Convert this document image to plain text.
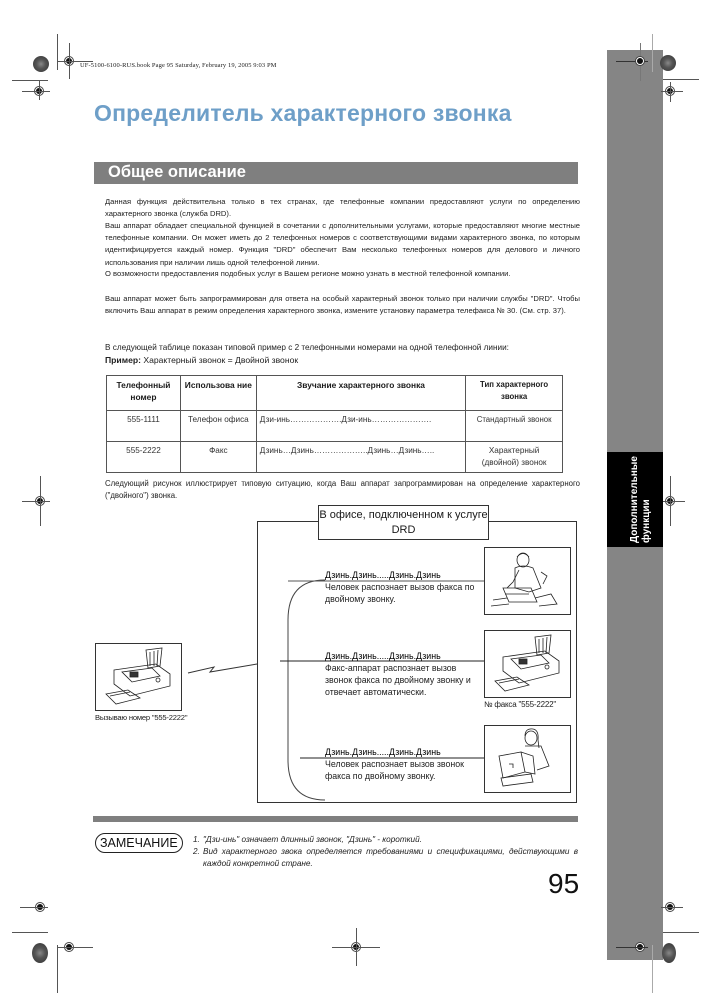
Дополнительные функции
UF-5100-6100-RUS.book Page 95 Saturday, February 19, 2005 9:03 PM
Определитель характерного звонка
Общее описание
Данная функция действительна только в тех странах, где телефонные компании предоставляют услуги по определению характерного звонка (служба DRD).
Ваш аппарат обладает специальной функцией в сочетании с дополнительными услугами, которые предоставляют многие местные телефонные компании. Он может иметь до 2 телефонных номеров с соответствующими видами характерного звонка, по которым идентифицируется каждый номер. Функция "DRD" обеспечит Вам несколько телефонных номеров для делового и личного использования при наличии лишь одной телефонной линии.
О возможности предоставления подобных услуг в Вашем регионе можно узнать в местной телефонной компании.
Ваш аппарат может быть запрограммирован для ответа на особый характерный звонок только при наличии службы "DRD". Чтобы включить Ваш аппарат в режим определения характерного звонка, измените установку параметра телефакса № 30. (См. стр. 37).
В следующей таблице показан типовой пример с 2 телефонными номерами на одной телефонной линии:
Пример: Характерный звонок = Двойной звонок
Телефонный номер	Использова ние	Звучание характерного звонка	Тип характерного звонка
555-1111	Телефон офиса	Дзи-инь……………….Дзи-инь………………….	Стандартный звонок
555-2222	Факс	Дзинь…Дзинь………………..Дзинь…Дзинь…..	Характерный (двойной) звонок
Следующий рисунок иллюстрирует типовую ситуацию, когда Ваш аппарат запрограммирован на определение характерного ("двойного") звонка.
В офисе, подключенном к услуге DRD
Дзинь.Дзинь.....Дзинь.Дзинь
Человек распознает вызов факса по двойному звонку.
Дзинь.Дзинь.....Дзинь.Дзинь
Факс-аппарат распознает вызов звонок факса по двойному звонку и отвечает автоматически.
Дзинь.Дзинь.....Дзинь.Дзинь
Человек распознает вызов звонок факса по двойному звонку.
№ факса "555-2222"
Вызываю номер "555-2222"
ЗАМЕЧАНИЕ	1. "Дзи-инь" означает длинный звонок, "Дзинь" - короткий.
2. Вид характерного звока определяется требованиями и спецификациями, действующими в каждой конкретной стране.
95
